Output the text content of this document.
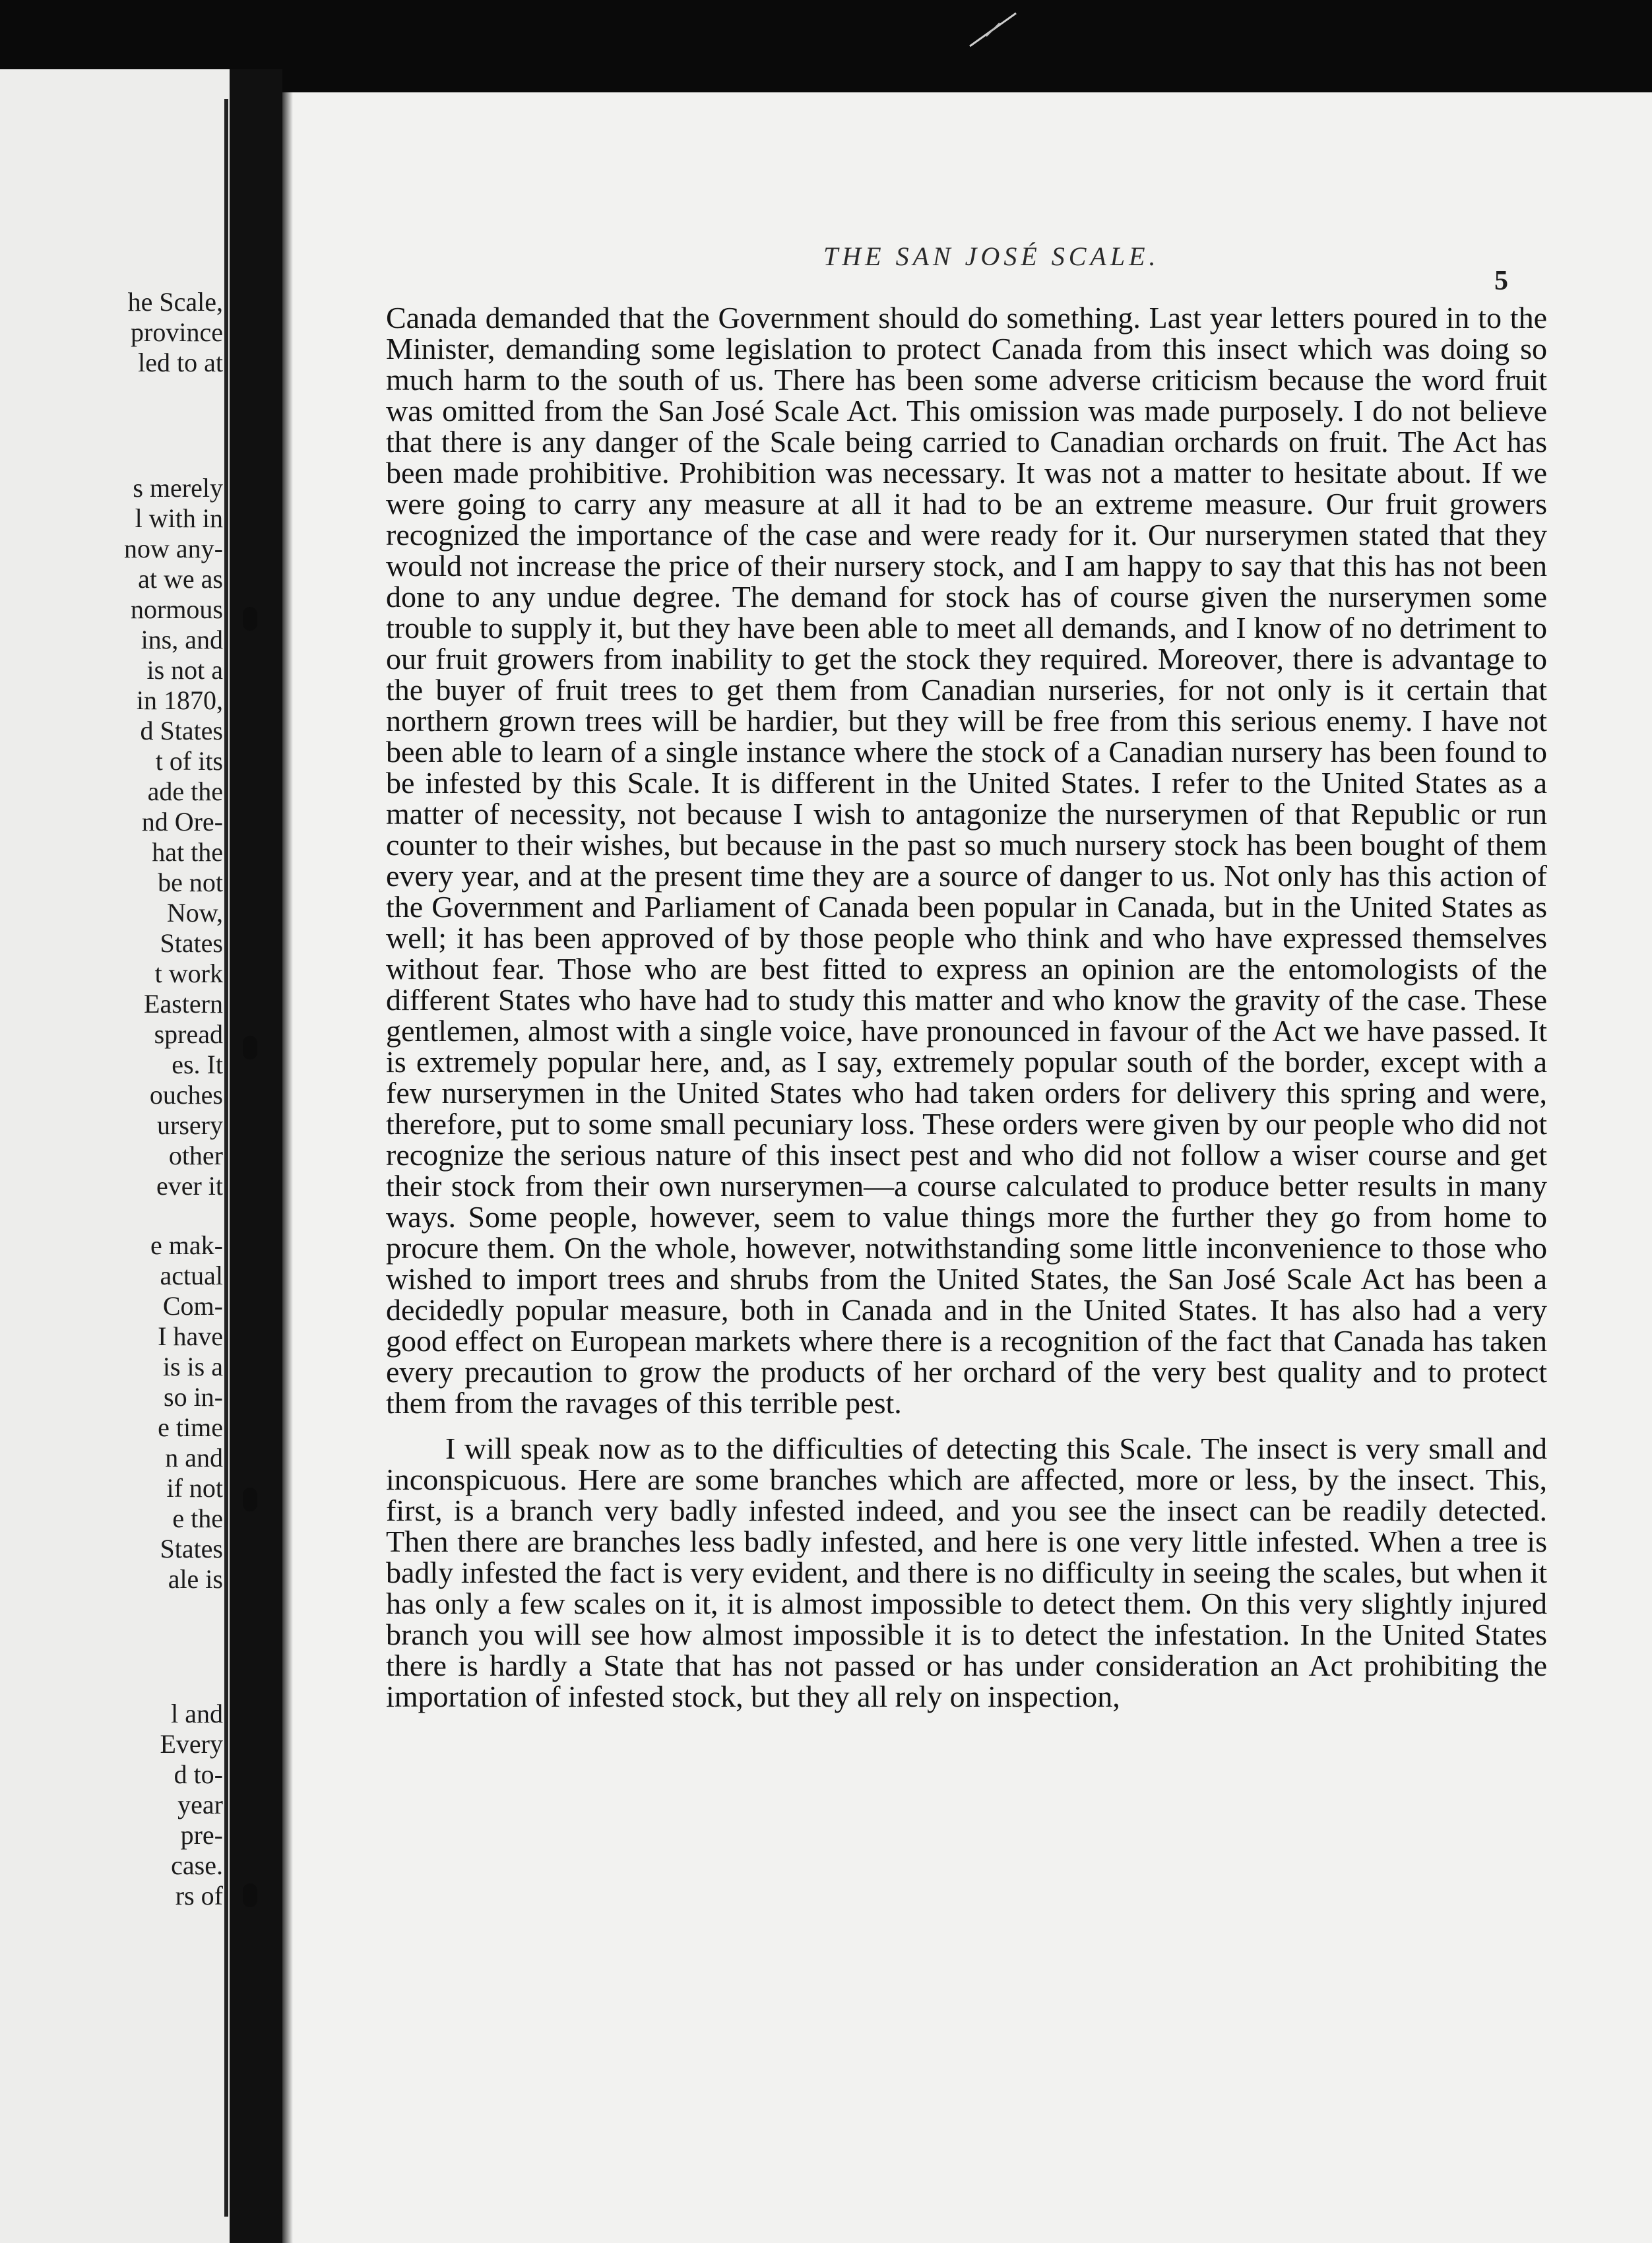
he Scale,

province

led to at

s merely

l with in

now any-

at we as

normous

ins, and

is not a

in 1870,

d States

t of its

ade the

nd Ore-

hat the

be not

Now,

States

t work

Eastern

spread

es. It

ouches

ursery

other

ever it

e mak-

actual

Com-

I have

is is a

so in-

e time

n and

if not

e the

States

ale is

l and

Every

d to-

year

pre-

case.

rs of

THE SAN JOSÉ SCALE.

5

Canada demanded that the Government should do something. Last year letters poured in to the Minister, demanding some legislation to protect Canada from this insect which was doing so much harm to the south of us. There has been some adverse criticism because the word fruit was omitted from the San José Scale Act. This omission was made purposely. I do not believe that there is any danger of the Scale being carried to Canadian orchards on fruit. The Act has been made prohibitive. Prohibition was necessary. It was not a matter to hesitate about. If we were going to carry any measure at all it had to be an extreme measure. Our fruit growers recognized the importance of the case and were ready for it. Our nurserymen stated that they would not increase the price of their nursery stock, and I am happy to say that this has not been done to any undue degree. The demand for stock has of course given the nurserymen some trouble to supply it, but they have been able to meet all demands, and I know of no detriment to our fruit growers from inability to get the stock they required. Moreover, there is advantage to the buyer of fruit trees to get them from Canadian nurseries, for not only is it certain that northern grown trees will be hardier, but they will be free from this serious enemy. I have not been able to learn of a single instance where the stock of a Canadian nursery has been found to be infested by this Scale. It is different in the United States. I refer to the United States as a matter of necessity, not because I wish to antagonize the nurserymen of that Republic or run counter to their wishes, but because in the past so much nursery stock has been bought of them every year, and at the present time they are a source of danger to us. Not only has this action of the Government and Parliament of Canada been popular in Canada, but in the United States as well; it has been approved of by those people who think and who have expressed themselves without fear. Those who are best fitted to express an opinion are the entomologists of the different States who have had to study this matter and who know the gravity of the case. These gentlemen, almost with a single voice, have pronounced in favour of the Act we have passed. It is extremely popular here, and, as I say, extremely popular south of the border, except with a few nurserymen in the United States who had taken orders for delivery this spring and were, therefore, put to some small pecuniary loss. These orders were given by our people who did not recognize the serious nature of this insect pest and who did not follow a wiser course and get their stock from their own nurserymen—a course calculated to produce better results in many ways. Some people, however, seem to value things more the further they go from home to procure them. On the whole, however, notwithstanding some little inconvenience to those who wished to import trees and shrubs from the United States, the San José Scale Act has been a decidedly popular measure, both in Canada and in the United States. It has also had a very good effect on European markets where there is a recognition of the fact that Canada has taken every precaution to grow the products of her orchard of the very best quality and to protect them from the ravages of this terrible pest.

I will speak now as to the difficulties of detecting this Scale. The insect is very small and inconspicuous. Here are some branches which are affected, more or less, by the insect. This, first, is a branch very badly infested indeed, and you see the insect can be readily detected. Then there are branches less badly infested, and here is one very little infested. When a tree is badly infested the fact is very evident, and there is no difficulty in seeing the scales, but when it has only a few scales on it, it is almost impossible to detect them. On this very slightly injured branch you will see how almost impossible it is to detect the infestation. In the United States there is hardly a State that has not passed or has under consideration an Act prohibiting the importation of infested stock, but they all rely on inspection,
